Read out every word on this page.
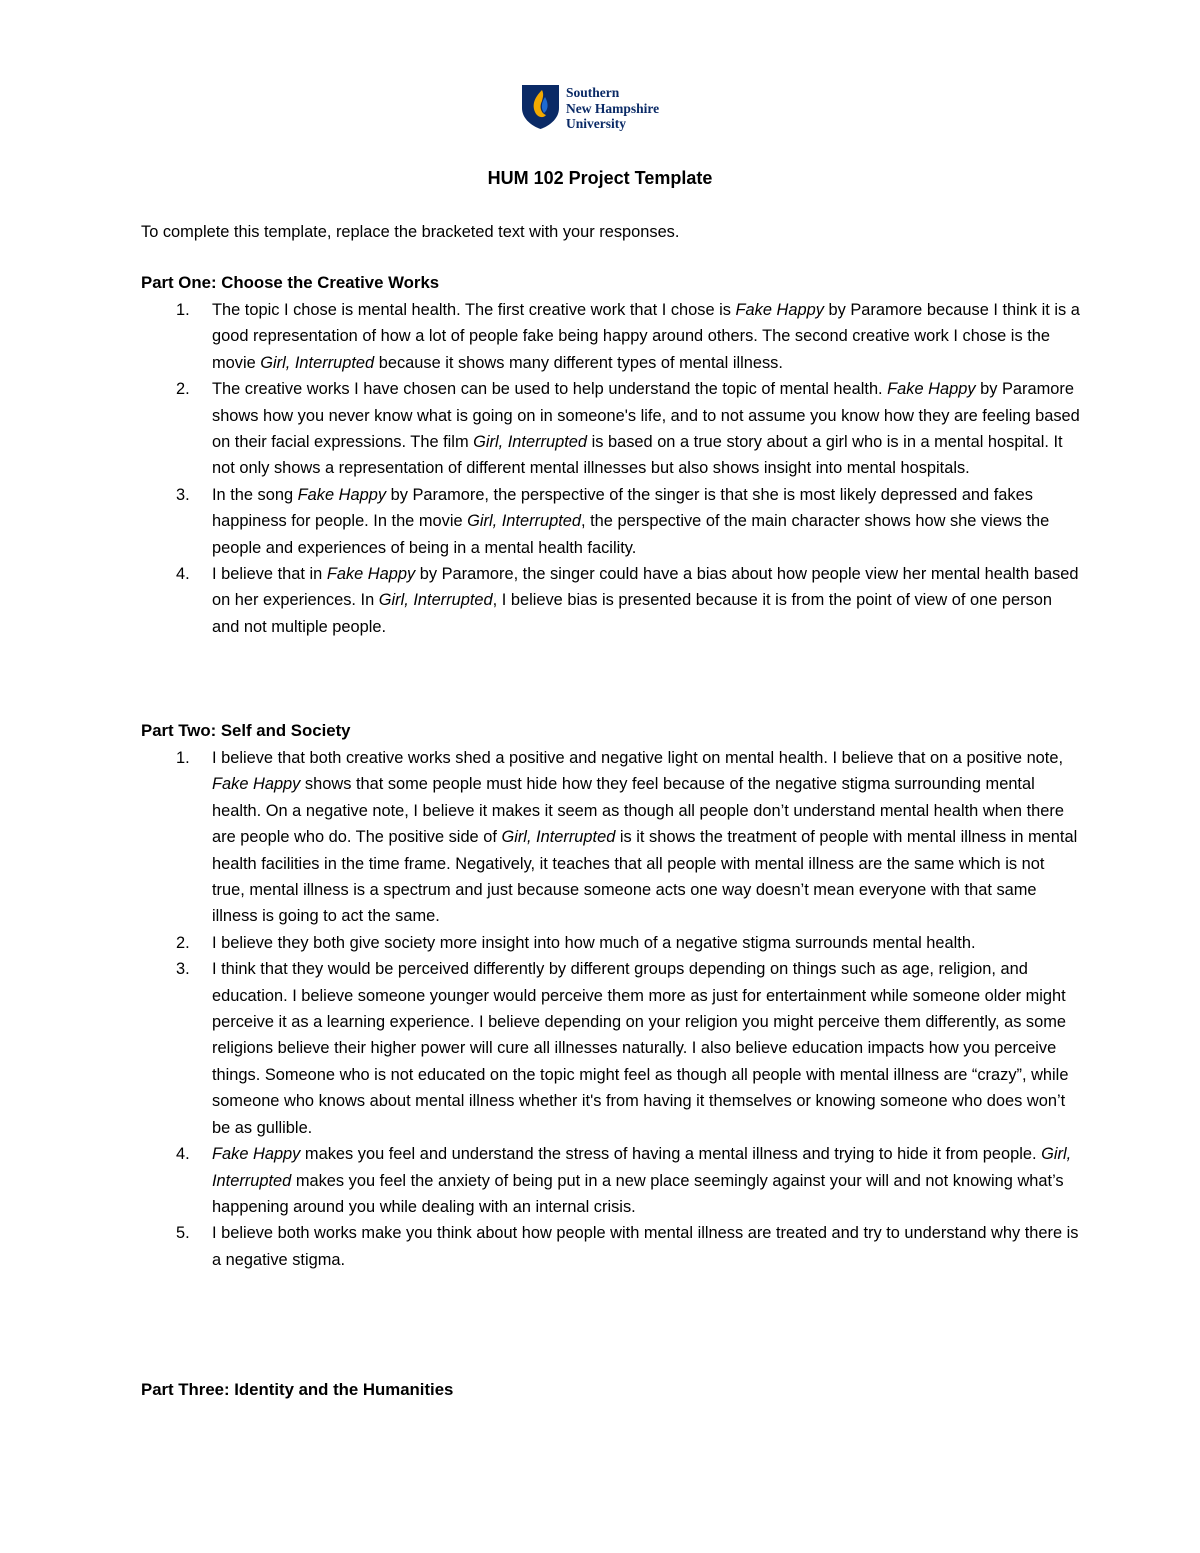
Southern
New Hampshire
University
HUM 102 Project Template

To complete this template, replace the bracketed text with your responses.

Part One: Choose the Creative Works
1. The topic I chose is mental health. The first creative work that I chose is Fake Happy by Paramore because I think it is a good representation of how a lot of people fake being happy around others. The second creative work I chose is the movie Girl, Interrupted because it shows many different types of mental illness.
2. The creative works I have chosen can be used to help understand the topic of mental health. Fake Happy by Paramore shows how you never know what is going on in someone's life, and to not assume you know how they are feeling based on their facial expressions. The film Girl, Interrupted is based on a true story about a girl who is in a mental hospital. It not only shows a representation of different mental illnesses but also shows insight into mental hospitals.
3. In the song Fake Happy by Paramore, the perspective of the singer is that she is most likely depressed and fakes happiness for people. In the movie Girl, Interrupted, the perspective of the main character shows how she views the people and experiences of being in a mental health facility.
4. I believe that in Fake Happy by Paramore, the singer could have a bias about how people view her mental health based on her experiences. In Girl, Interrupted, I believe bias is presented because it is from the point of view of one person and not multiple people.
Part Two: Self and Society
1. I believe that both creative works shed a positive and negative light on mental health. I believe that on a positive note, Fake Happy shows that some people must hide how they feel because of the negative stigma surrounding mental health. On a negative note, I believe it makes it seem as though all people don’t understand mental health when there are people who do. The positive side of Girl, Interrupted is it shows the treatment of people with mental illness in mental health facilities in the time frame. Negatively, it teaches that all people with mental illness are the same which is not true, mental illness is a spectrum and just because someone acts one way doesn’t mean everyone with that same illness is going to act the same.
2. I believe they both give society more insight into how much of a negative stigma surrounds mental health.
3. I think that they would be perceived differently by different groups depending on things such as age, religion, and education. I believe someone younger would perceive them more as just for entertainment while someone older might perceive it as a learning experience. I believe depending on your religion you might perceive them differently, as some religions believe their higher power will cure all illnesses naturally. I also believe education impacts how you perceive things. Someone who is not educated on the topic might feel as though all people with mental illness are “crazy”, while someone who knows about mental illness whether it's from having it themselves or knowing someone who does won’t be as gullible.
4. Fake Happy makes you feel and understand the stress of having a mental illness and trying to hide it from people. Girl, Interrupted makes you feel the anxiety of being put in a new place seemingly against your will and not knowing what’s happening around you while dealing with an internal crisis.
5. I believe both works make you think about how people with mental illness are treated and try to understand why there is a negative stigma.
Part Three: Identity and the Humanities
